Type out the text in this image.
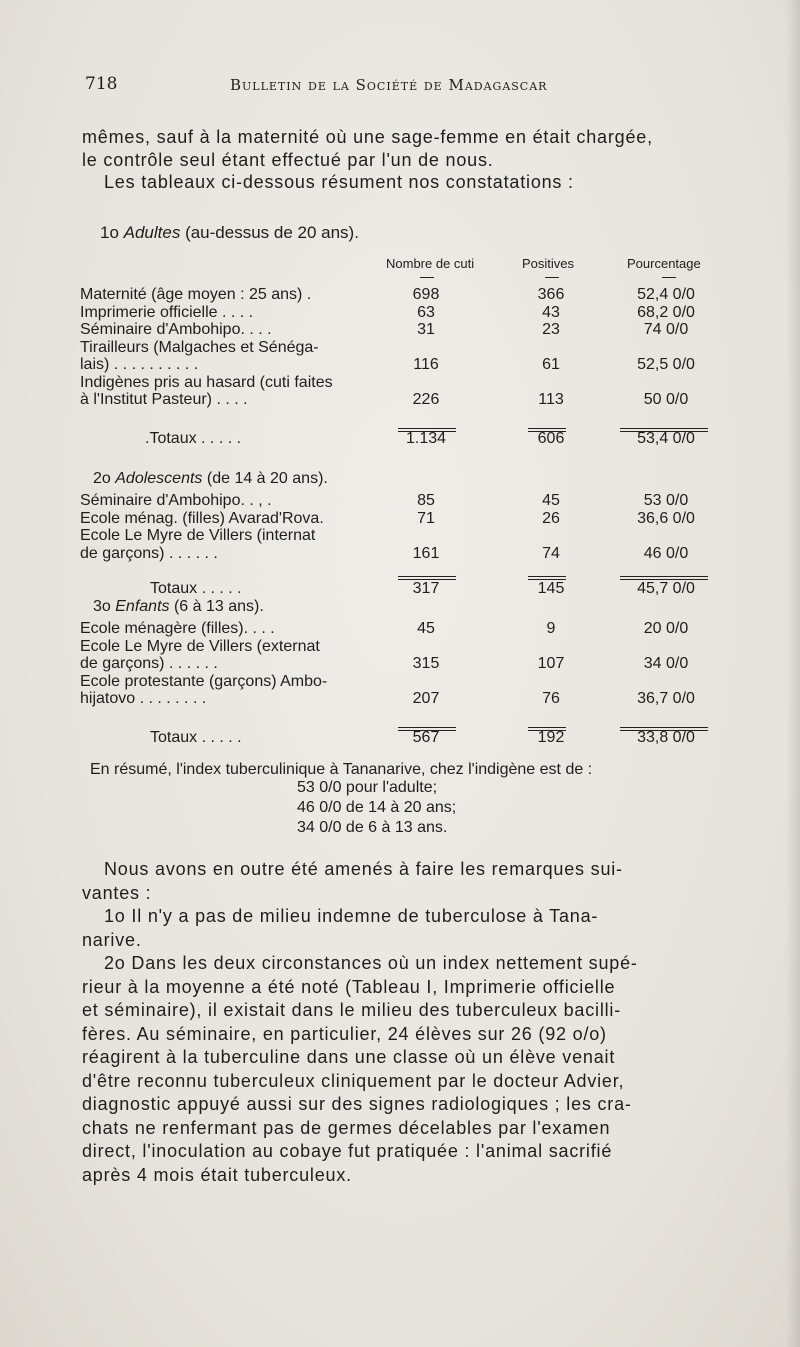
718	Bulletin de la Société de Madagascar
mêmes, sauf à la maternité où une sage-femme en était chargée,
le contrôle seul étant effectué par l'un de nous.
Les tableaux ci-dessous résument nos constatations :
1o Adultes (au-dessus de 20 ans).
Nombre de cuti	Positives	Pourcentage
Maternité (âge moyen : 25 ans) .	698	366	52,4 0/0
Imprimerie officielle . . . .	63	43	68,2 0/0
Séminaire d'Ambohipo. . . .	31	23	74 0/0
Tirailleurs (Malgaches et Sénéga-
lais) . . . . . . . . . .	116	61	52,5 0/0
Indigènes pris au hasard (cuti faites
à l'Institut Pasteur) . . . .	226	113	50 0/0
.Totaux . . . . .	1.134	606	53,4 0/0
2o Adolescents (de 14 à 20 ans).
Séminaire d'Ambohipo. . , .	85	45	53 0/0
Ecole ménag. (filles) Avarad'Rova.	71	26	36,6 0/0
Ecole Le Myre de Villers (internat
de garçons) . . . . . .	161	74	46 0/0
Totaux . . . . .	317	145	45,7 0/0
3o Enfants (6 à 13 ans).
Ecole ménagère (filles). . . .	45	9	20 0/0
Ecole Le Myre de Villers (externat
de garçons) . . . . . .	315	107	34 0/0
Ecole protestante (garçons) Ambo-
hijatovo . . . . . . . .	207	76	36,7 0/0
Totaux . . . . .	567	192	33,8 0/0
En résumé, l'index tuberculinique à Tananarive, chez l'indigène est de :
53 0/0 pour l'adulte;
46 0/0 de 14 à 20 ans;
34 0/0 de 6 à 13 ans.
Nous avons en outre été amenés à faire les remarques sui-
vantes :
1o Il n'y a pas de milieu indemne de tuberculose à Tana-
narive.
2o Dans les deux circonstances où un index nettement supé-
rieur à la moyenne a été noté (Tableau I, Imprimerie officielle
et séminaire), il existait dans le milieu des tuberculeux bacilli-
fères. Au séminaire, en particulier, 24 élèves sur 26 (92 o/o)
réagirent à la tuberculine dans une classe où un élève venait
d'être reconnu tuberculeux cliniquement par le docteur Advier,
diagnostic appuyé aussi sur des signes radiologiques ; les cra-
chats ne renfermant pas de germes décelables par l'examen
direct, l'inoculation au cobaye fut pratiquée : l'animal sacrifié
après 4 mois était tuberculeux.
